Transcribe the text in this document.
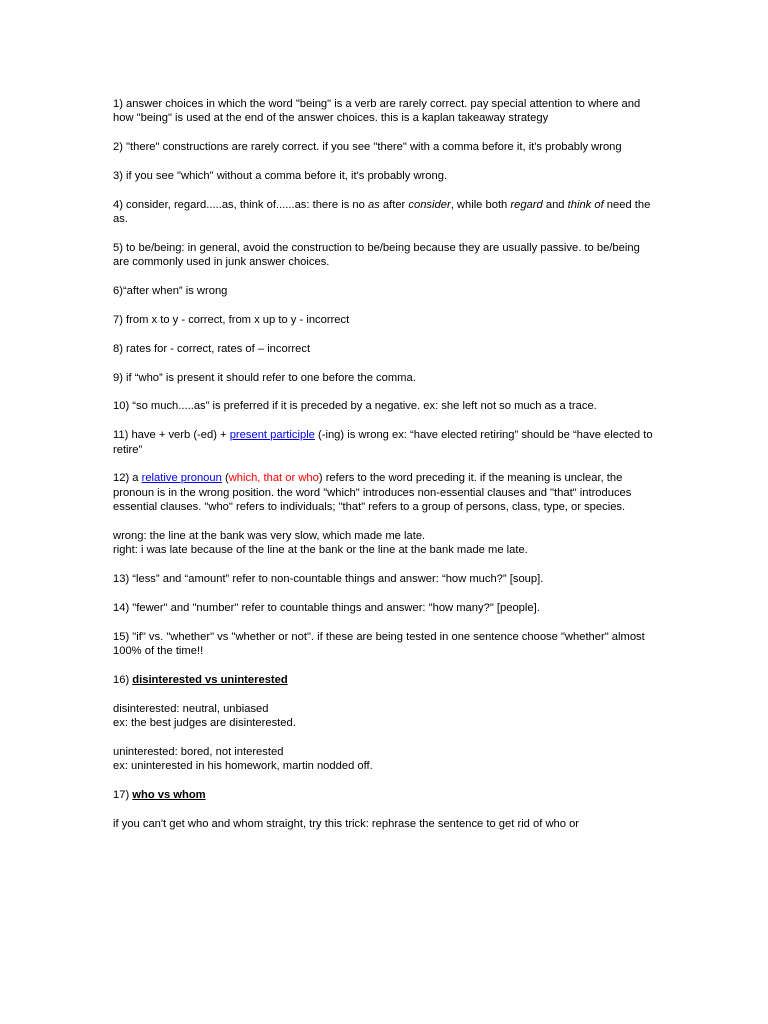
1) answer choices in which the word "being" is a verb are rarely correct. pay special attention to where and how "being" is used at the end of the answer choices. this is a kaplan takeaway strategy

2) "there" constructions are rarely correct. if you see "there" with a comma before it, it's probably wrong

3) if you see "which" without a comma before it, it's probably wrong.

4) consider, regard.....as, think of......as: there is no as after consider, while both regard and think of need the as.

5) to be/being: in general, avoid the construction to be/being because they are usually passive. to be/being are commonly used in junk answer choices.

6)“after when” is wrong

7) from x to y - correct, from x up to y - incorrect

8) rates for - correct, rates of – incorrect

9) if “who” is present it should refer to one before the comma.

10) “so much.....as” is preferred if it is preceded by a negative. ex: she left not so much as a trace.

11) have + verb (-ed) + present participle (-ing) is wrong ex: “have elected retiring” should be “have elected to retire”

12) a relative pronoun (which, that or who) refers to the word preceding it. if the meaning is unclear, the pronoun is in the wrong position. the word "which" introduces non-essential clauses and "that" introduces essential clauses. "who" refers to individuals; "that" refers to a group of persons, class, type, or species.

wrong: the line at the bank was very slow, which made me late.
right: i was late because of the line at the bank or the line at the bank made me late.

13) “less” and “amount” refer to non-countable things and answer: “how much?” [soup].

14) "fewer" and "number" refer to countable things and answer: "how many?" [people].

15) "if" vs. "whether" vs "whether or not". if these are being tested in one sentence choose "whether" almost 100% of the time!!

16) disinterested vs uninterested

disinterested: neutral, unbiased
ex: the best judges are disinterested.

uninterested: bored, not interested
ex: uninterested in his homework, martin nodded off.

17) who vs whom

if you can't get who and whom straight, try this trick: rephrase the sentence to get rid of who or
